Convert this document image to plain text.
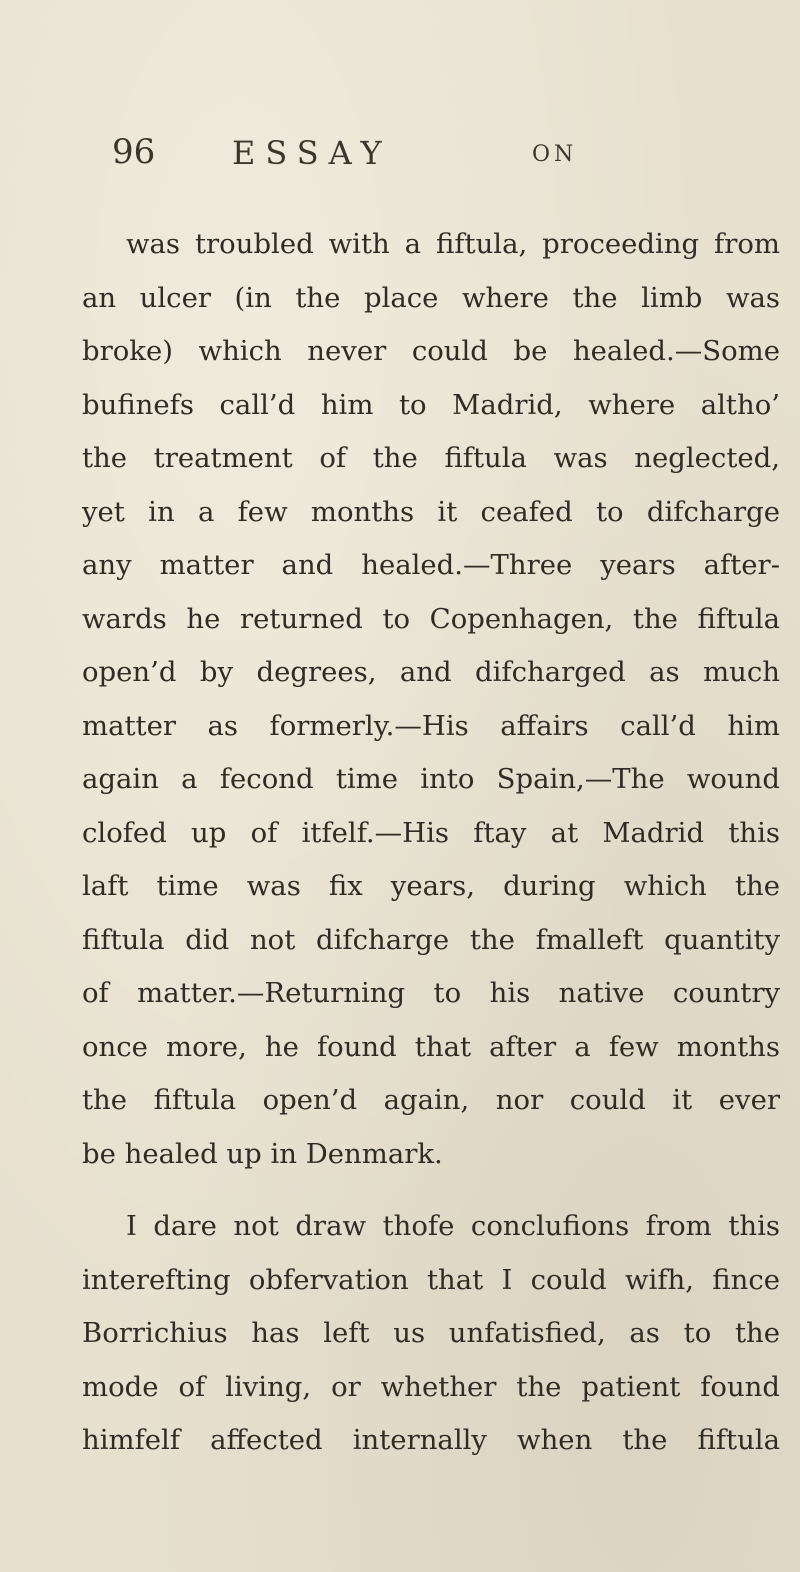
96 ESSAY	ON
was troubled with a fiftula, proceeding from
an ulcer (in the place where the limb was
broke) which never could be healed.—Some
bufinefs call’d him to Madrid, where altho’
the treatment of the fiftula was neglected,
yet in a few months it ceafed to difcharge
any matter and healed.—Three years after-
wards he returned to Copenhagen, the fiftula
open’d by degrees, and difcharged as much
matter as formerly.—His affairs call’d him
again a fecond time into Spain,—The wound
clofed up of itfelf.—His ftay at Madrid this
laft time was fix years, during which the
fiftula did not difcharge the fmalleft quantity
of matter.—Returning to his native country
once more, he found that after a few months
the fiftula open’d again, nor could it ever
be healed up in Denmark.
I dare not draw thofe conclufions from this
interefting obfervation that I could wifh, fince
Borrichius has left us unfatisfied, as to the
mode of living, or whether the patient found
himfelf affected internally when the fiftula
